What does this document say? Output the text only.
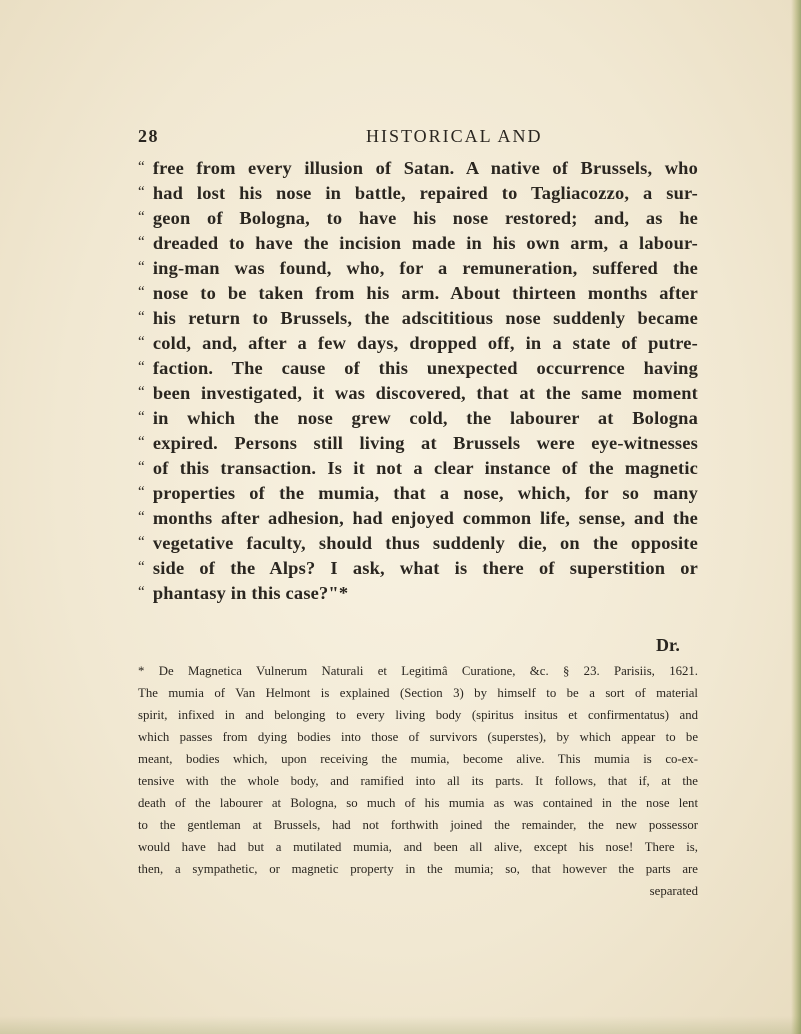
28	HISTORICAL AND
“ free from every illusion of Satan. A native of Brussels, who
“ had lost his nose in battle, repaired to Tagliacozzo, a sur-
“ geon of Bologna, to have his nose restored; and, as he
“ dreaded to have the incision made in his own arm, a labour-
“ ing-man was found, who, for a remuneration, suffered the
“ nose to be taken from his arm. About thirteen months after
“ his return to Brussels, the adscititious nose suddenly became
“ cold, and, after a few days, dropped off, in a state of putre-
“ faction. The cause of this unexpected occurrence having
“ been investigated, it was discovered, that at the same moment
“ in which the nose grew cold, the labourer at Bologna
“ expired. Persons still living at Brussels were eye-witnesses
“ of this transaction. Is it not a clear instance of the magnetic
“ properties of the mumia, that a nose, which, for so many
“ months after adhesion, had enjoyed common life, sense, and the
“ vegetative faculty, should thus suddenly die, on the opposite
“ side of the Alps? I ask, what is there of superstition or
“ phantasy in this case?"*
Dr.
* De Magnetica Vulnerum Naturali et Legitimâ Curatione, &c. § 23. Parisiis, 1621.
The mumia of Van Helmont is explained (Section 3) by himself to be a sort of material
spirit, infixed in and belonging to every living body (spiritus insitus et confirmentatus) and
which passes from dying bodies into those of survivors (superstes), by which appear to be
meant, bodies which, upon receiving the mumia, become alive. This mumia is co-ex-
tensive with the whole body, and ramified into all its parts. It follows, that if, at the
death of the labourer at Bologna, so much of his mumia as was contained in the nose lent
to the gentleman at Brussels, had not forthwith joined the remainder, the new possessor
would have had but a mutilated mumia, and been all alive, except his nose! There is,
then, a sympathetic, or magnetic property in the mumia; so, that however the parts are
separated
